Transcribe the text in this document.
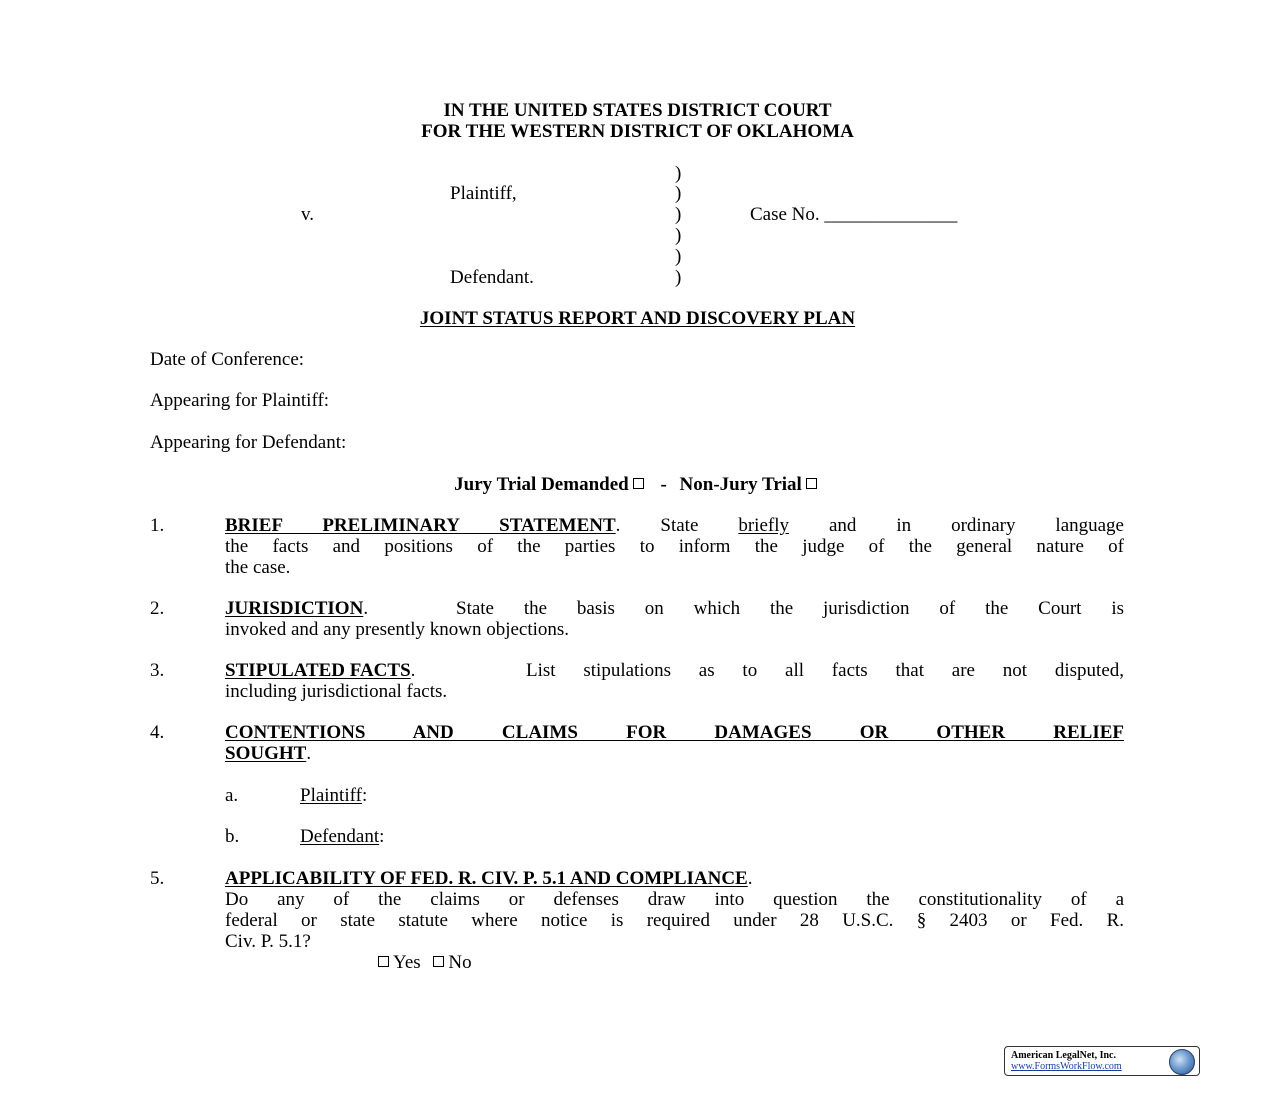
IN THE UNITED STATES DISTRICT COURT
FOR THE WESTERN DISTRICT OF OKLAHOMA
)
Plaintiff,	)
v.	)	Case No. ______________
)
)
Defendant.	)
JOINT STATUS REPORT AND DISCOVERY PLAN
Date of Conference:
Appearing for Plaintiff:
Appearing for Defendant:
Jury Trial Demanded - Non-Jury Trial
1.	BRIEF PRELIMINARY STATEMENT. State briefly and in ordinary language
the facts and positions of the parties to inform the judge of the general nature of
the case.
2.	JURISDICTION.	State the basis on which the jurisdiction of the Court is
invoked and any presently known objections.
3.	STIPULATED FACTS.	List stipulations as to all facts that are not disputed,
including jurisdictional facts.
4.	CONTENTIONS AND CLAIMS FOR DAMAGES OR OTHER RELIEF
SOUGHT.
a.	Plaintiff:
b.	Defendant:
5.	APPLICABILITY OF FED. R. CIV. P. 5.1 AND COMPLIANCE.
Do any of the claims or defenses draw into question the constitutionality of a
federal or state statute where notice is required under 28 U.S.C. § 2403 or Fed. R.
Civ. P. 5.1?
Yes No
American LegalNet, Inc.
www.FormsWorkFlow.com
